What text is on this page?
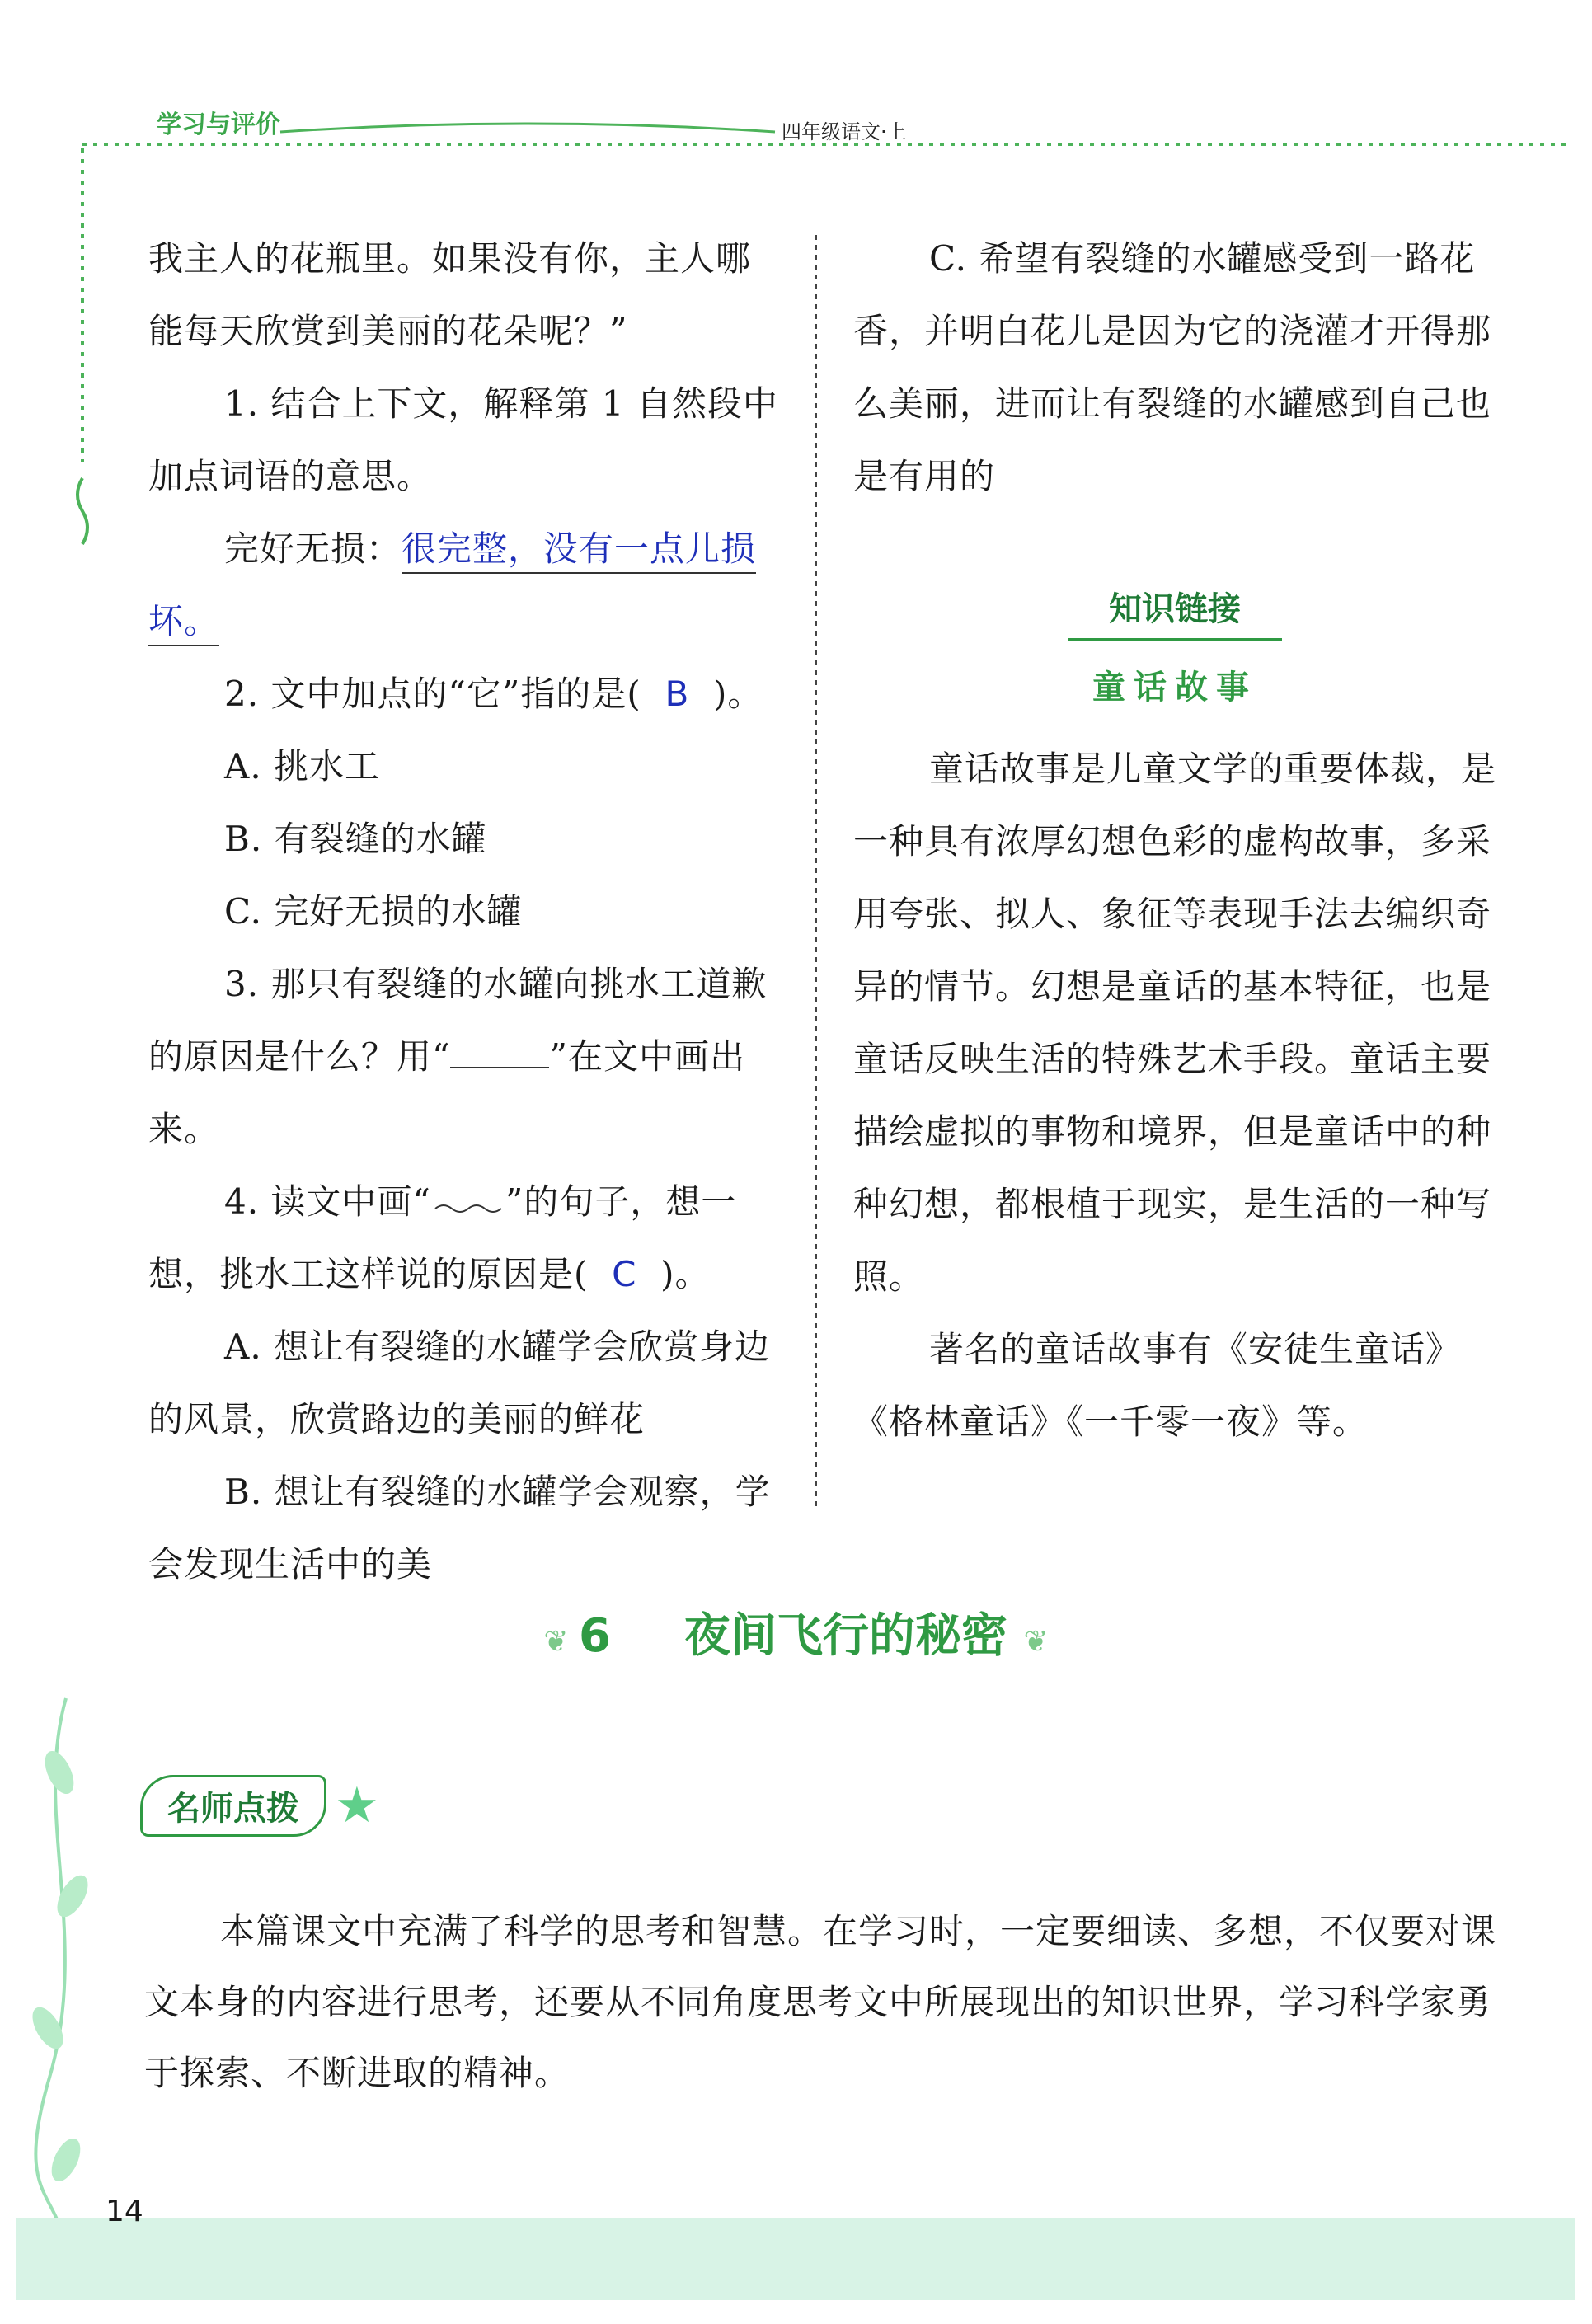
学习与评价	四年级语文·上

我主人的花瓶里。如果没有你，主人哪能每天欣赏到美丽的花朵呢？”

1. 结合上下文，解释第 1 自然段中加点词语的意思。

完好无损：很完整，没有一点儿损坏。

2. 文中加点的“它”指的是( B )。

A. 挑水工

B. 有裂缝的水罐

C. 完好无损的水罐

3. 那只有裂缝的水罐向挑水工道歉的原因是什么？用“	”在文中画出来。

4. 读文中画“ ”的句子，想一想，挑水工这样说的原因是( C )。

A. 想让有裂缝的水罐学会欣赏身边的风景，欣赏路边的美丽的鲜花

B. 想让有裂缝的水罐学会观察，学会发现生活中的美

C. 希望有裂缝的水罐感受到一路花香，并明白花儿是因为它的浇灌才开得那么美丽，进而让有裂缝的水罐感到自己也是有用的

知识链接
童话故事

童话故事是儿童文学的重要体裁，是一种具有浓厚幻想色彩的虚构故事，多采用夸张、拟人、象征等表现手法去编织奇异的情节。幻想是童话的基本特征，也是童话反映生活的特殊艺术手段。童话主要描绘虚拟的事物和境界，但是童话中的种种幻想，都根植于现实，是生活的一种写照。

著名的童话故事有《安徒生童话》《格林童话》《一千零一夜》等。

❦ 6 夜间飞行的秘密 ❦
名师点拨 ★

本篇课文中充满了科学的思考和智慧。在学习时，一定要细读、多想，不仅要对课文本身的内容进行思考，还要从不同角度思考文中所展现出的知识世界，学习科学家勇于探索、不断进取的精神。

14
